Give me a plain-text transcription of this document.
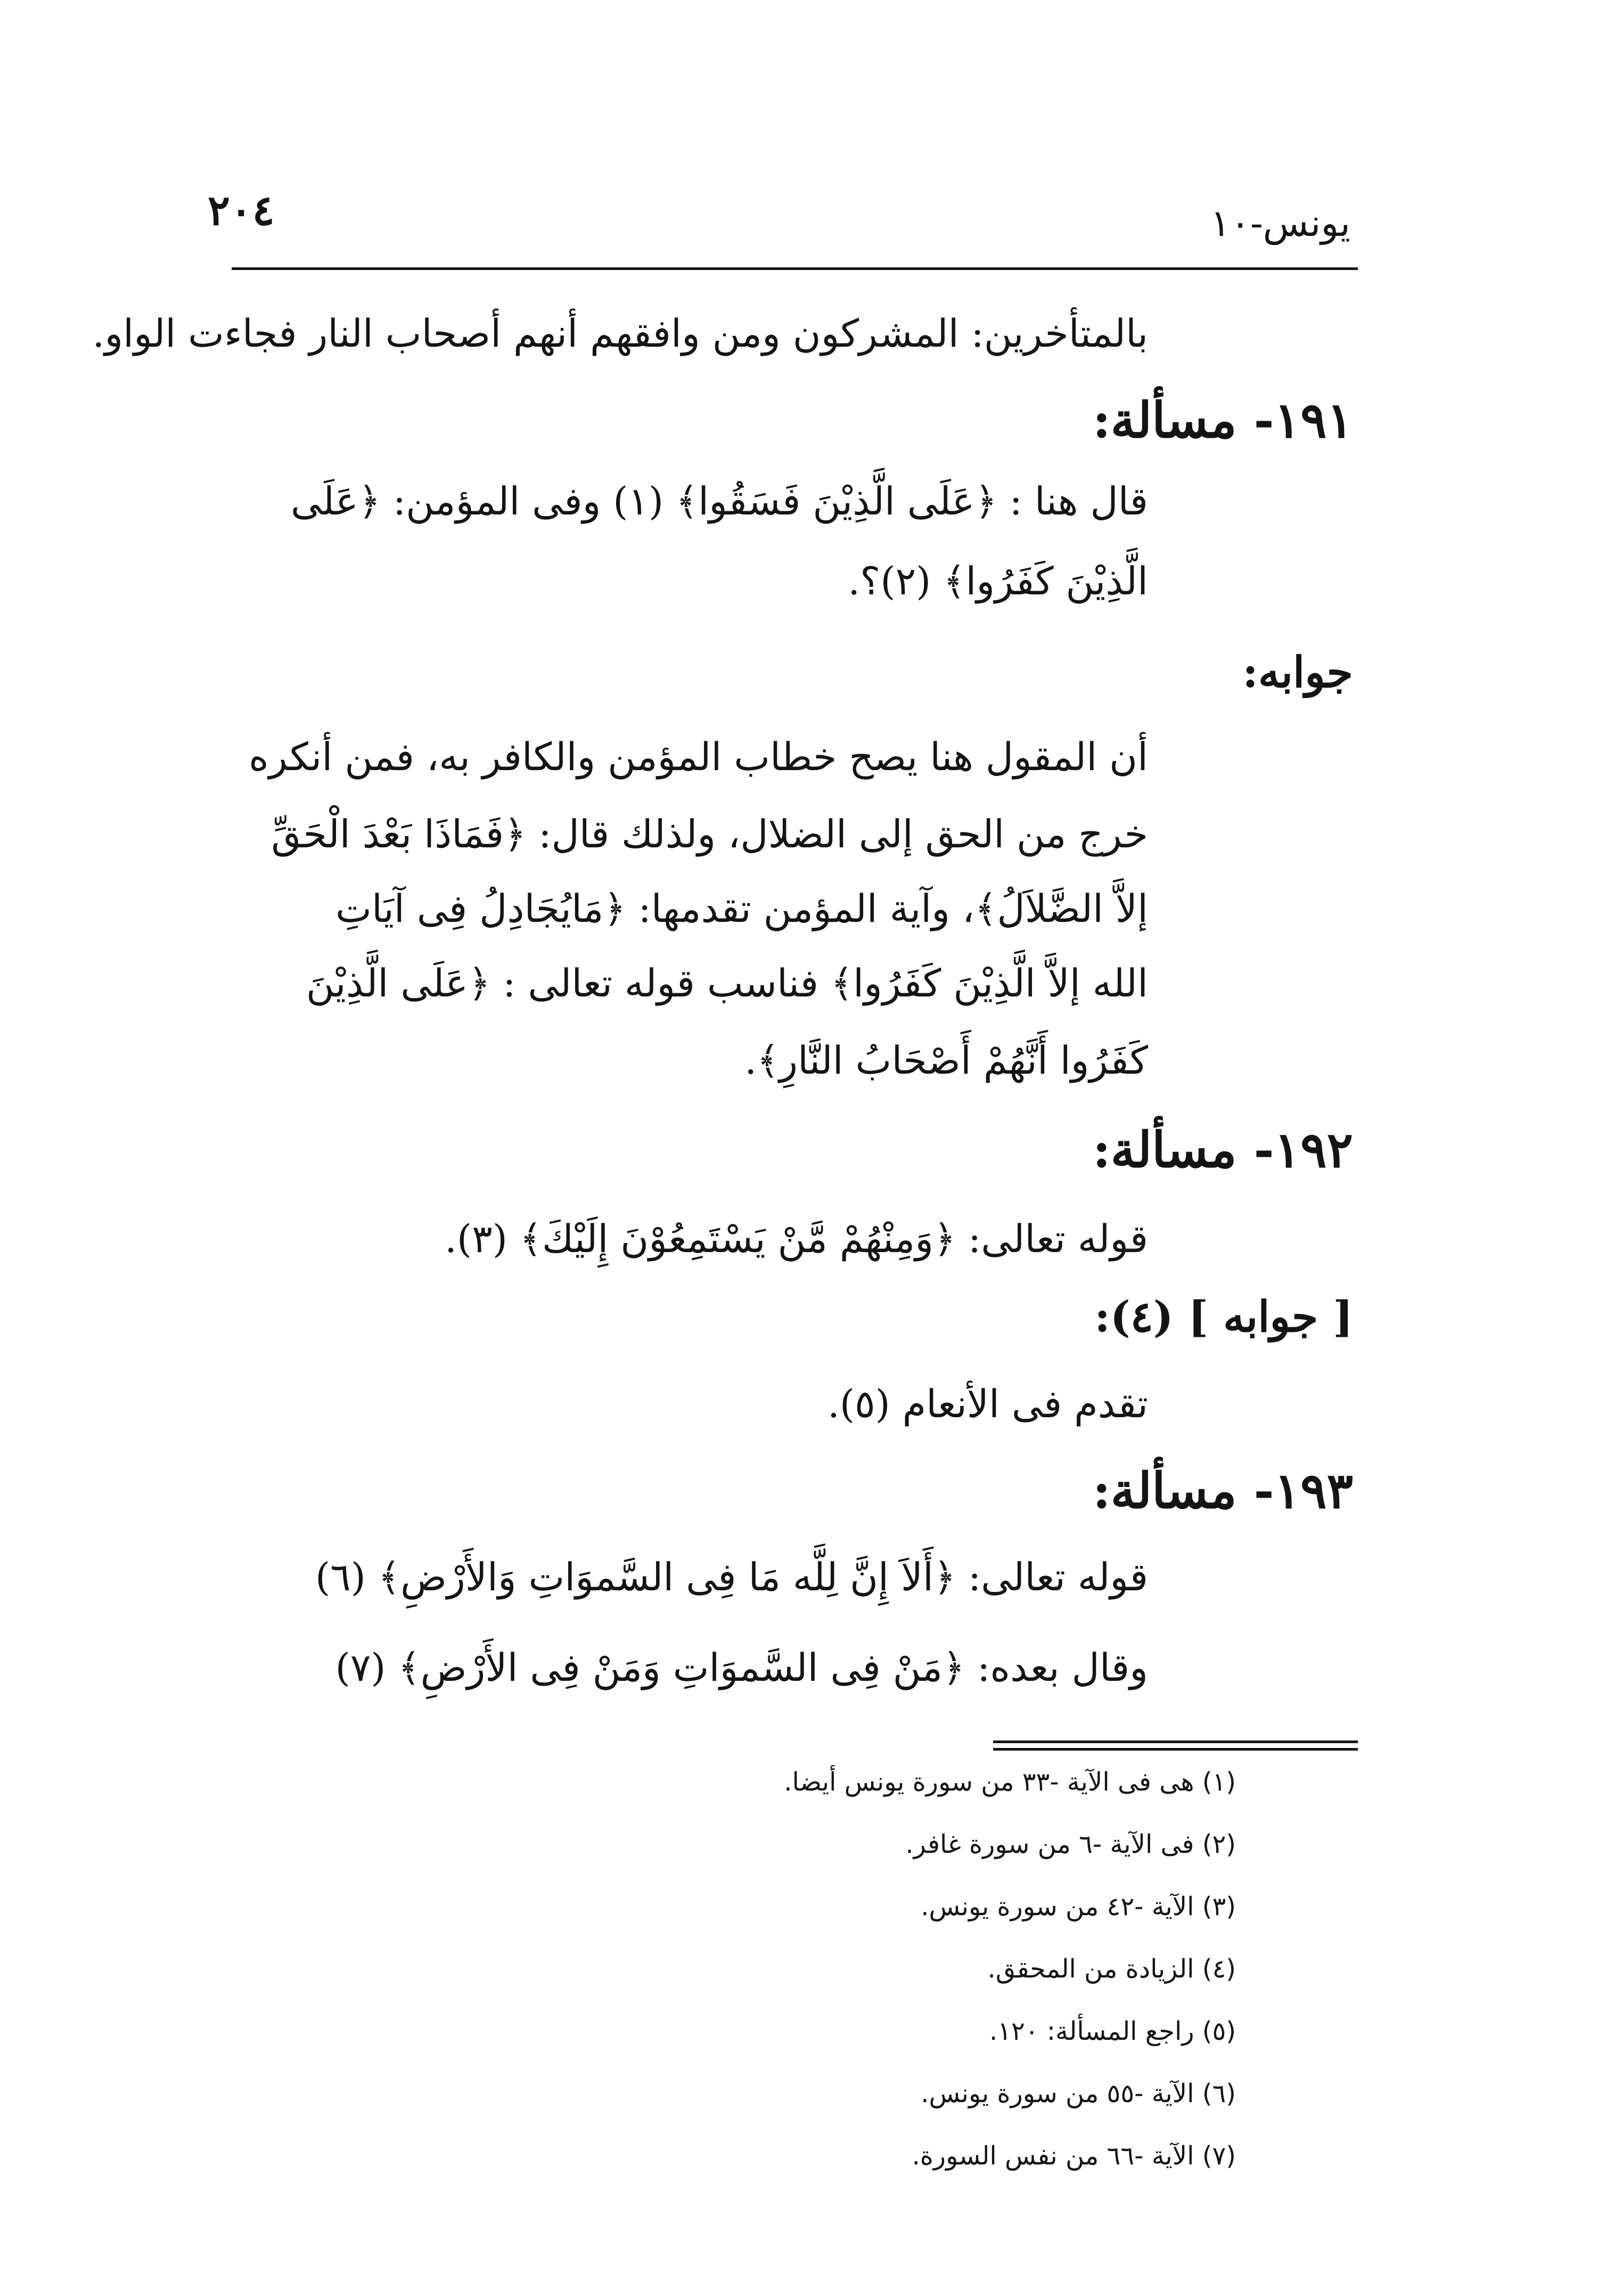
يونس-١٠
٢٠٤
بالمتأخرين: المشركون ومن وافقهم أنهم أصحاب النار فجاءت الواو.
١٩١- مسألة:
قال هنا : ﴿عَلَى الَّذِيْنَ فَسَقُوا﴾ (١) وفى المؤمن: ﴿عَلَى
الَّذِيْنَ كَفَرُوا﴾ (٢)؟.
جوابه:
أن المقول هنا يصح خطاب المؤمن والكافر به، فمن أنكره
خرج من الحق إلى الضلال، ولذلك قال: ﴿فَمَاذَا بَعْدَ الْحَقِّ
إلاَّ الضَّلاَلُ﴾، وآية المؤمن تقدمها: ﴿مَايُجَادِلُ فِى آيَاتِ
الله إلاَّ الَّذِيْنَ كَفَرُوا﴾ فناسب قوله تعالى : ﴿عَلَى الَّذِيْنَ
كَفَرُوا أَنَّهُمْ أَصْحَابُ النَّارِ﴾.
١٩٢- مسألة:
قوله تعالى: ﴿وَمِنْهُمْ مَّنْ يَسْتَمِعُوْنَ إِلَيْكَ﴾ (٣).
[ جوابه ] (٤):
تقدم فى الأنعام (٥).
١٩٣- مسألة:
قوله تعالى: ﴿أَلاَ إِنَّ لِلَّه مَا فِى السَّموَاتِ وَالأَرْضِ﴾ (٦)
وقال بعده: ﴿مَنْ فِى السَّموَاتِ وَمَنْ فِى الأَرْضِ﴾ (٧)
(١) هى فى الآية -٣٣ من سورة يونس أيضا.
(٢) فى الآية -٦ من سورة غافر.
(٣) الآية -٤٢ من سورة يونس.
(٤) الزيادة من المحقق.
(٥) راجع المسألة: ١٢٠.
(٦) الآية -٥٥ من سورة يونس.
(٧) الآية -٦٦ من نفس السورة.
